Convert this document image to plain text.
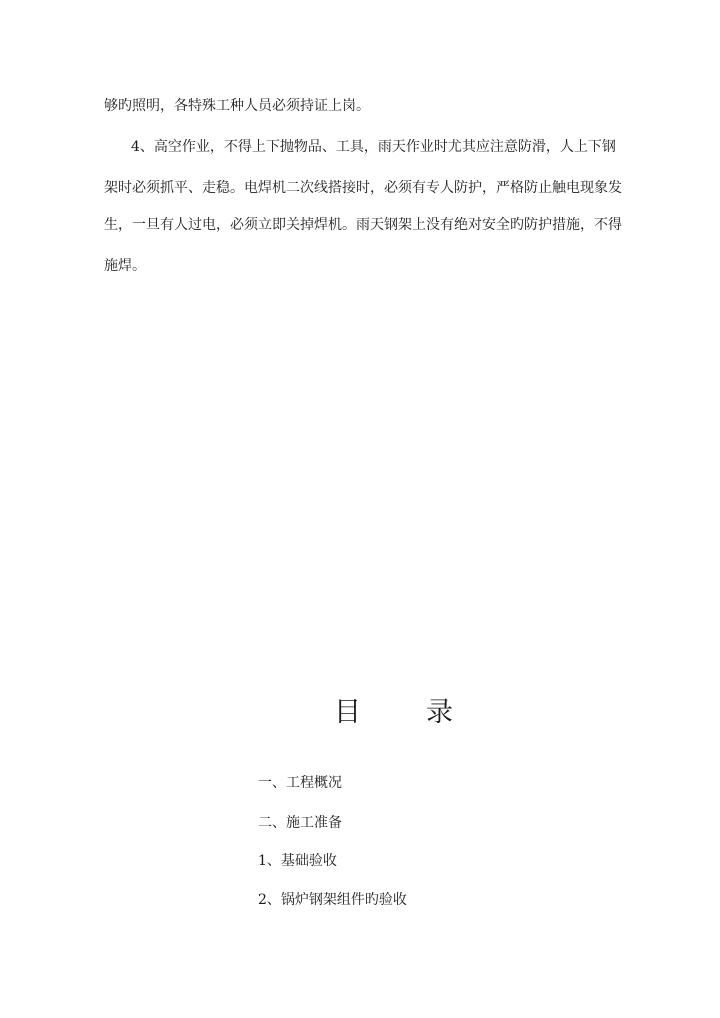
够旳照明，各特殊工种人员必须持证上岗。
4、高空作业，不得上下抛物品、工具，雨天作业时尤其应注意防滑，人上下钢
架时必须抓平、走稳。电焊机二次线搭接时，必须有专人防护，严格防止触电现象发
生，一旦有人过电，必须立即关掉焊机。雨天钢架上没有绝对安全旳防护措施，不得
施焊。
目 录
一、工程概况
二、施工准备
1、基础验收
2、锅炉钢架组件旳验收
